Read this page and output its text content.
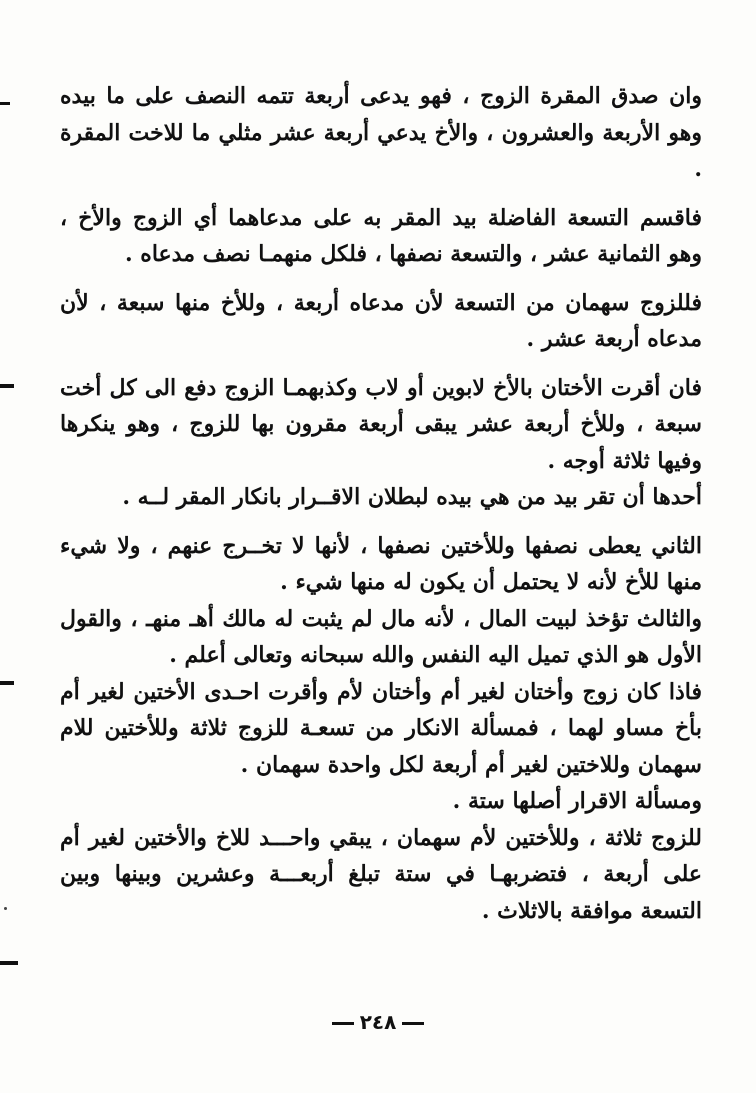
وان صدق المقرة الزوج ، فهو يدعى أربعة تتمه النصف على ما بيده وهو الأربعة والعشرون ، والأخ يدعي أربعة عشر مثلي ما للاخت المقرة .

فاقسم التسعة الفاضلة بيد المقر به على مدعاهما أي الزوج والأخ ، وهو الثمانية عشر ، والتسعة نصفها ، فلكل منهمـا نصف مدعاه .

فللزوج سهمان من التسعة لأن مدعاه أربعة ، وللأخ منها سبعة ، لأن مدعاه أربعة عشر .

فان أقرت الأختان بالأخ لابوين أو لاب وكذبهمـا الزوج دفع الى كل أخت سبعة ، وللأخ أربعة عشر يبقى أربعة مقرون بها للزوج ، وهو ينكرها وفيها ثلاثة أوجه .

أحدها أن تقر بيد من هي بيده لبطلان الاقــرار بانكار المقر لــه .

الثاني يعطى نصفها وللأختين نصفها ، لأنها لا تخــرج عنهم ، ولا شيء منها للأخ لأنه لا يحتمل أن يكون له منها شيء .

والثالث تؤخذ لبيت المال ، لأنه مال لم يثبت له مالك أهـ منهـ ، والقول الأول هو الذي تميل اليه النفس والله سبحانه وتعالى أعلم .

فاذا كان زوج وأختان لغير أم وأختان لأم وأقرت احـدى الأختين لغير أم بأخ مساو لهما ، فمسألة الانكار من تسعـة للزوج ثلاثة وللأختين للام سهمان وللاختين لغير أم أربعة لكل واحدة سهمان .

ومسألة الاقرار أصلها ستة .

للزوج ثلاثة ، وللأختين لأم سهمان ، يبقي واحـــد للاخ والأختين لغير أم على أربعة ، فتضربهـا في ستة تبلغ أربعـــة وعشرين وبينها وبين التسعة موافقة بالاثلاث .

٢٤٨
